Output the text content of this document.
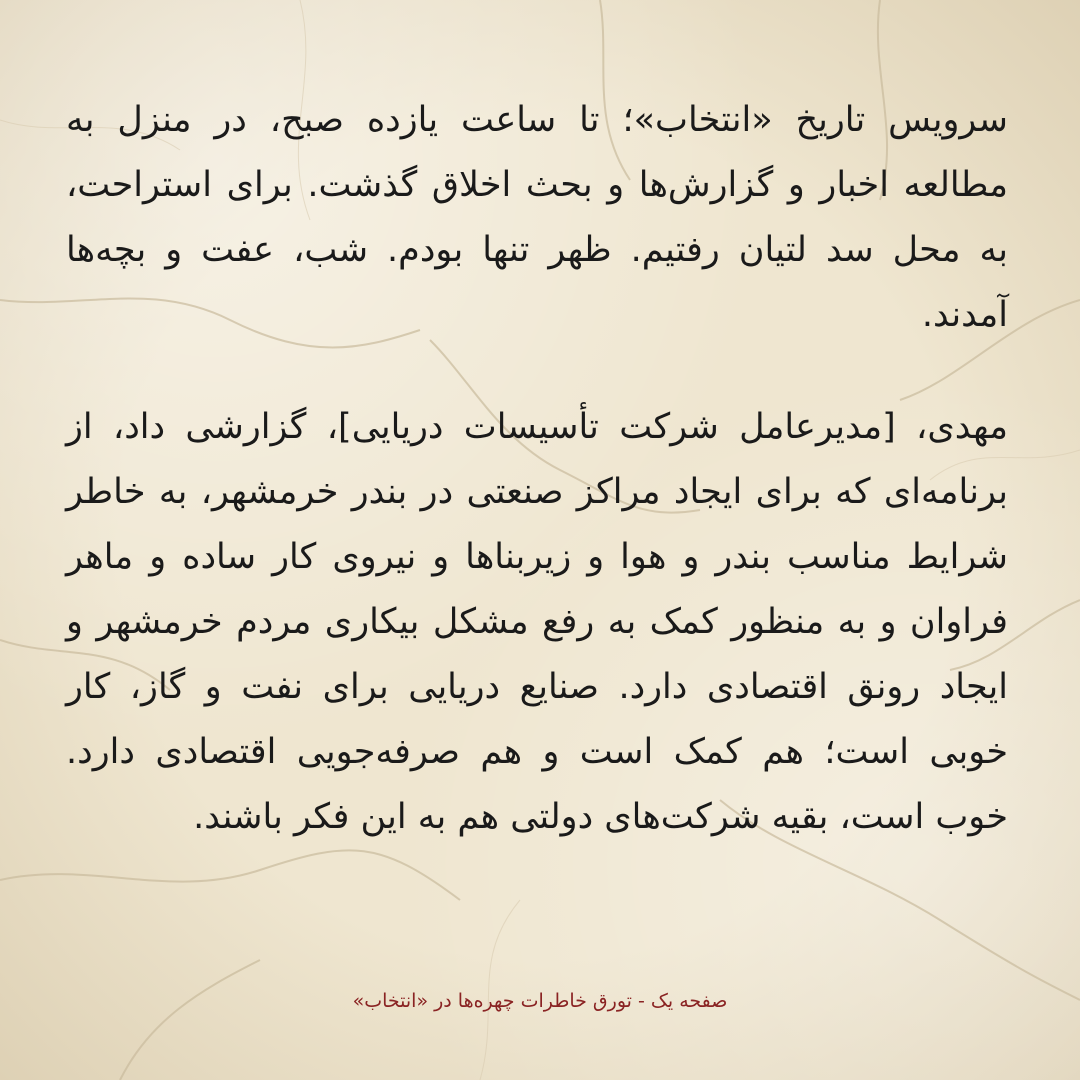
سرویس تاریخ «انتخاب»؛ تا ساعت یازده صبح، در منزل به مطالعه اخبار و گزارش‌ها و بحث اخلاق گذشت. برای استراحت، به محل سد لتیان رفتیم. ظهر تنها بودم. شب، عفت و بچه‌ها آمدند.

مهدی، [مدیرعامل شرکت تأسیسات دریایی]، گزارشی داد، از برنامه‌ای که برای ایجاد مراکز صنعتی در بندر خرمشهر، به خاطر شرایط مناسب بندر و هوا و زیربناها و نیروی کار ساده و ماهر فراوان و به منظور کمک به رفع مشکل بیکاری مردم خرمشهر و ایجاد رونق اقتصادی دارد. صنایع دریایی برای نفت و گاز، کار خوبی است؛ هم کمک است و هم صرفه‌جویی اقتصادی دارد. خوب است، بقیه شرکت‌های دولتی هم به این فکر باشند.

صفحه یک - تورق خاطرات چهره‌ها در «انتخاب»
